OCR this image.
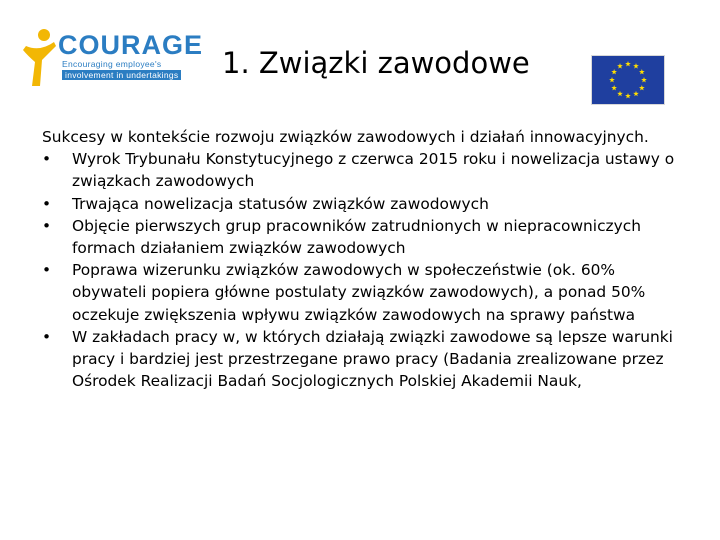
COURAGE
Encouraging employee's
involvement in undertakings 1. Związki zawodowe

Sukcesy w kontekście rozwoju związków zawodowych i działań innowacyjnych.

• Wyrok Trybunału Konstytucyjnego z czerwca 2015 roku i nowelizacja ustawy o związkach zawodowych
• Trwająca nowelizacja statusów związków zawodowych
• Objęcie pierwszych grup pracowników zatrudnionych w niepracowniczych formach działaniem związków zawodowych
• Poprawa wizerunku związków zawodowych w społeczeństwie (ok. 60% obywateli popiera główne postulaty związków zawodowych), a ponad 50% oczekuje zwiększenia wpływu związków zawodowych na sprawy państwa
• W zakładach pracy w, w których działają związki zawodowe są lepsze warunki pracy i bardziej jest przestrzegane prawo pracy (Badania zrealizowane przez Ośrodek Realizacji Badań Socjologicznych Polskiej Akademii Nauk,
